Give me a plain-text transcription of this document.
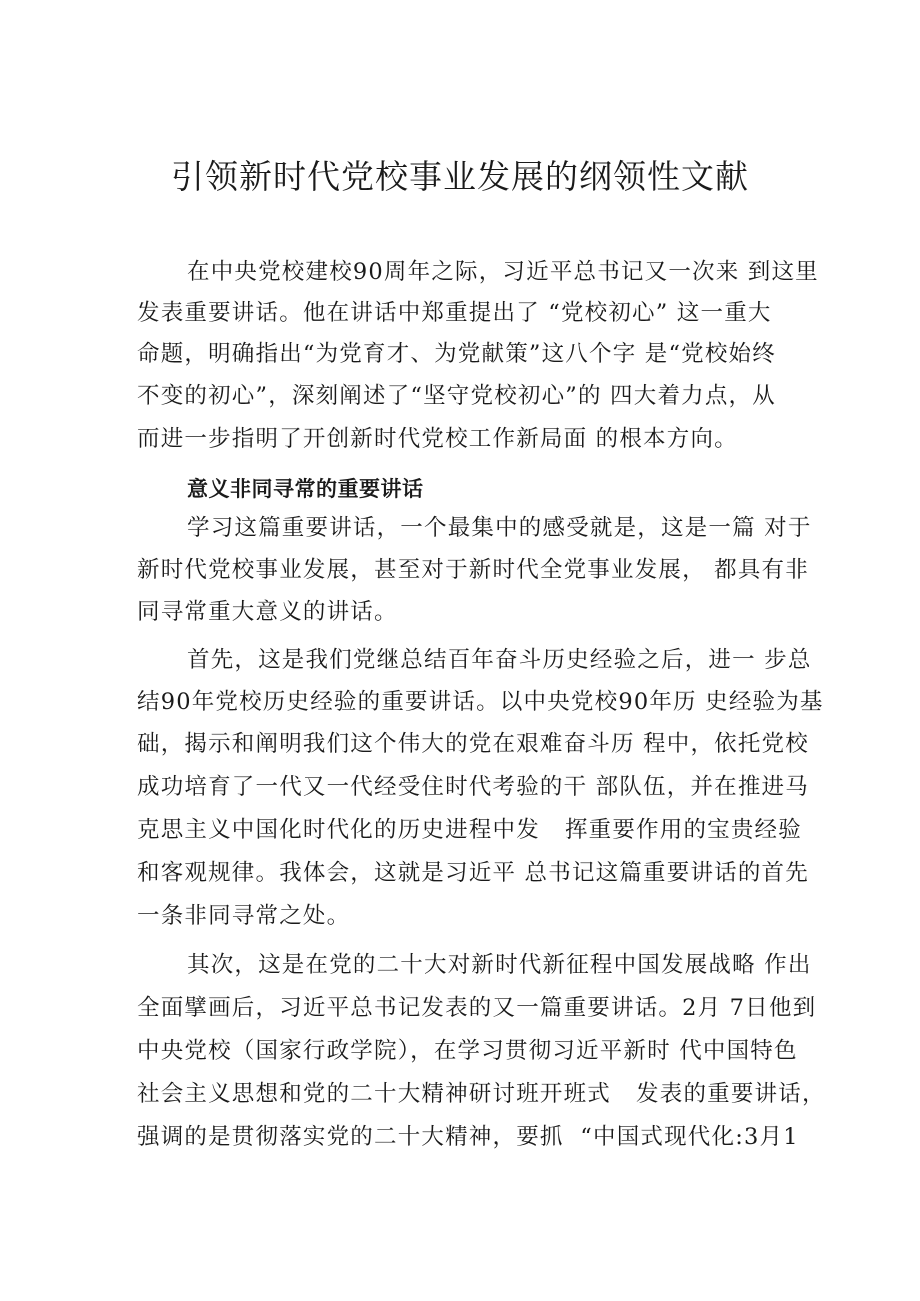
引领新时代党校事业发展的纲领性文献
在中央党校建校90周年之际，习近平总书记又一次来 到这里
发表重要讲话。他在讲话中郑重提出了 “党校初心” 这一重大
命题，明确指出“为党育才、为党献策”这八个字 是“党校始终
不变的初心”，深刻阐述了“坚守党校初心”的 四大着力点，从
而进一步指明了开创新时代党校工作新局面 的根本方向。
意义非同寻常的重要讲话
学习这篇重要讲话，一个最集中的感受就是，这是一篇 对于
新时代党校事业发展，甚至对于新时代全党事业发展， 都具有非
同寻常重大意义的讲话。
首先，这是我们党继总结百年奋斗历史经验之后，进一 步总
结90年党校历史经验的重要讲话。以中央党校90年历 史经验为基
础，揭示和阐明我们这个伟大的党在艰难奋斗历 程中，依托党校
成功培育了一代又一代经受住时代考验的干 部队伍，并在推进马
克思主义中国化时代化的历史进程中发   挥重要作用的宝贵经验
和客观规律。我体会，这就是习近平 总书记这篇重要讲话的首先
一条非同寻常之处。
其次，这是在党的二十大对新时代新征程中国发展战略 作出
全面擘画后，习近平总书记发表的又一篇重要讲话。2月 7日他到
中央党校（国家行政学院），在学习贯彻习近平新时 代中国特色
社会主义思想和党的二十大精神研讨班开班式   发表的重要讲话，
强调的是贯彻落实党的二十大精神，要抓  “中国式现代化:3月1
